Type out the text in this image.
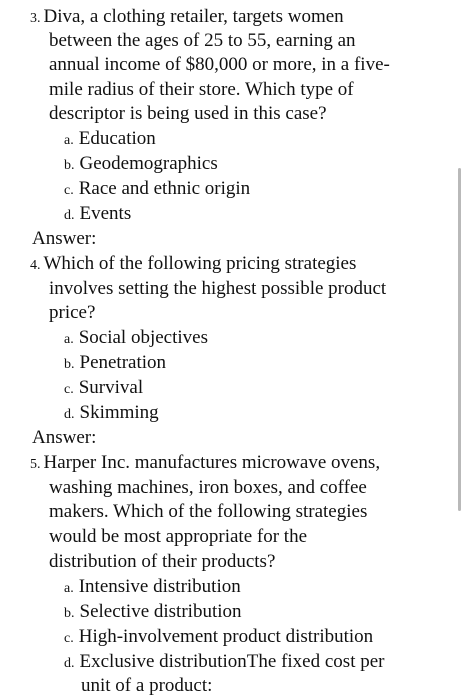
3. Diva, a clothing retailer, targets women
between the ages of 25 to 55, earning an
annual income of $80,000 or more, in a five-
mile radius of their store. Which type of
descriptor is being used in this case?
a. Education
b. Geodemographics
c. Race and ethnic origin
d. Events
Answer:
4. Which of the following pricing strategies
involves setting the highest possible product
price?
a. Social objectives
b. Penetration
c. Survival
d. Skimming
Answer:
5. Harper Inc. manufactures microwave ovens,
washing machines, iron boxes, and coffee
makers. Which of the following strategies
would be most appropriate for the
distribution of their products?
a. Intensive distribution
b. Selective distribution
c. High-involvement product distribution
d. Exclusive distributionThe fixed cost per
unit of a product:
